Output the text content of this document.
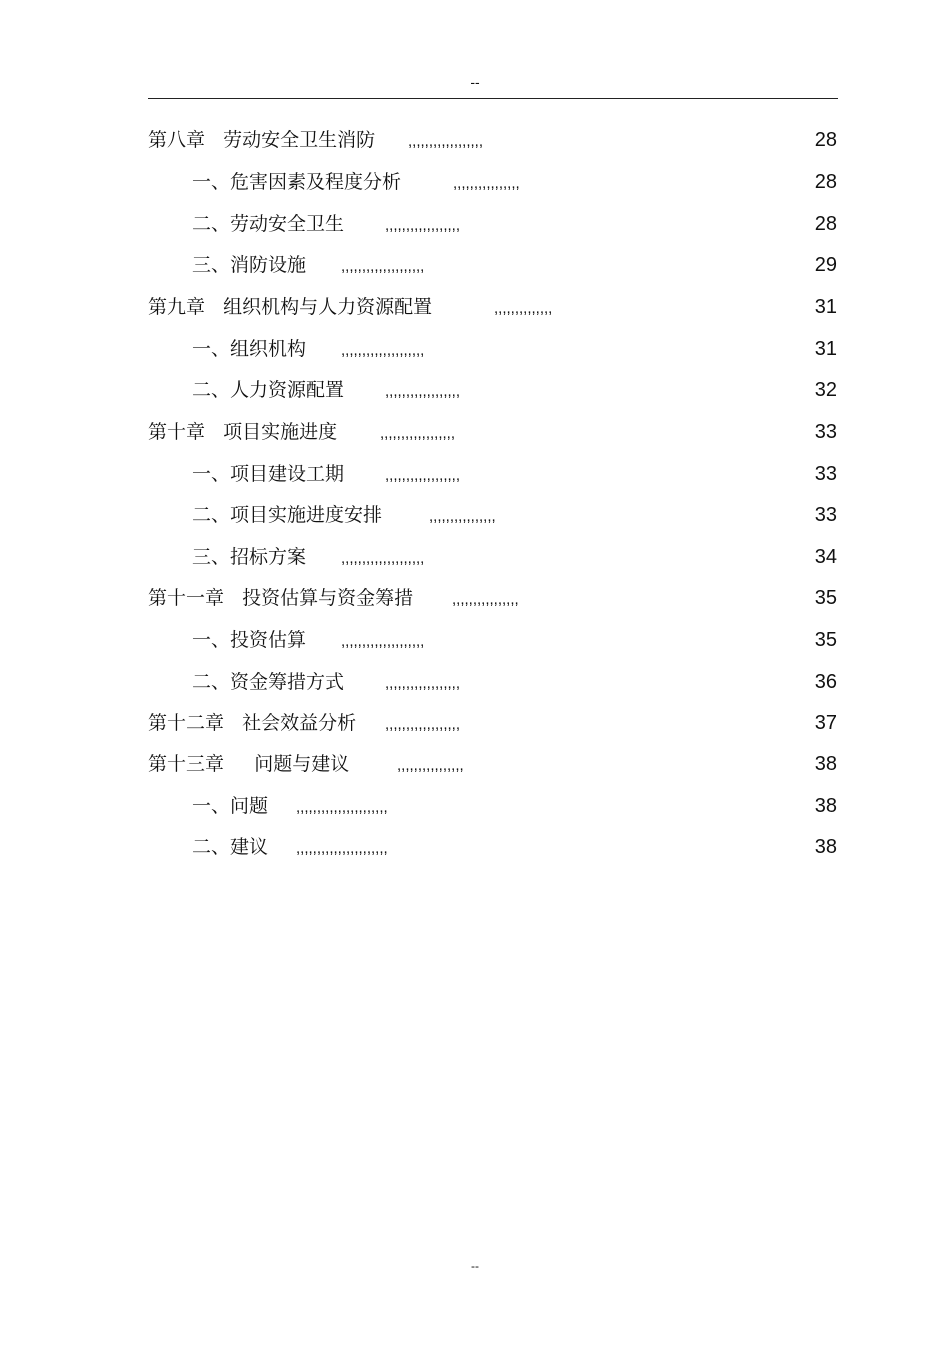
--
第八章   劳动安全卫生消防 ,,,,,,,,,,,,,,,,,,	28
一、危害因素及程度分析	,,,,,,,,,,,,,,,,	28
二、劳动安全卫生	,,,,,,,,,,,,,,,,,,	28
三、消防设施 ,,,,,,,,,,,,,,,,,,,,	29
第九章   组织机构与人力资源配置	,,,,,,,,,,,,,,	31
一、组织机构 ,,,,,,,,,,,,,,,,,,,,	31
二、人力资源配置	,,,,,,,,,,,,,,,,,,	32
第十章   项目实施进度	,,,,,,,,,,,,,,,,,,	33
一、项目建设工期	,,,,,,,,,,,,,,,,,,	33
二、项目实施进度安排	,,,,,,,,,,,,,,,,	33
三、招标方案 ,,,,,,,,,,,,,,,,,,,,	34
第十一章   投资估算与资金筹措	,,,,,,,,,,,,,,,,	35
一、投资估算 ,,,,,,,,,,,,,,,,,,,,	35
二、资金筹措方式	,,,,,,,,,,,,,,,,,,	36
第十二章   社会效益分析 ,,,,,,,,,,,,,,,,,,	37
第十三章     问题与建议	,,,,,,,,,,,,,,,,	38
一、问题 ,,,,,,,,,,,,,,,,,,,,,,	38
二、建议 ,,,,,,,,,,,,,,,,,,,,,,	38
--
